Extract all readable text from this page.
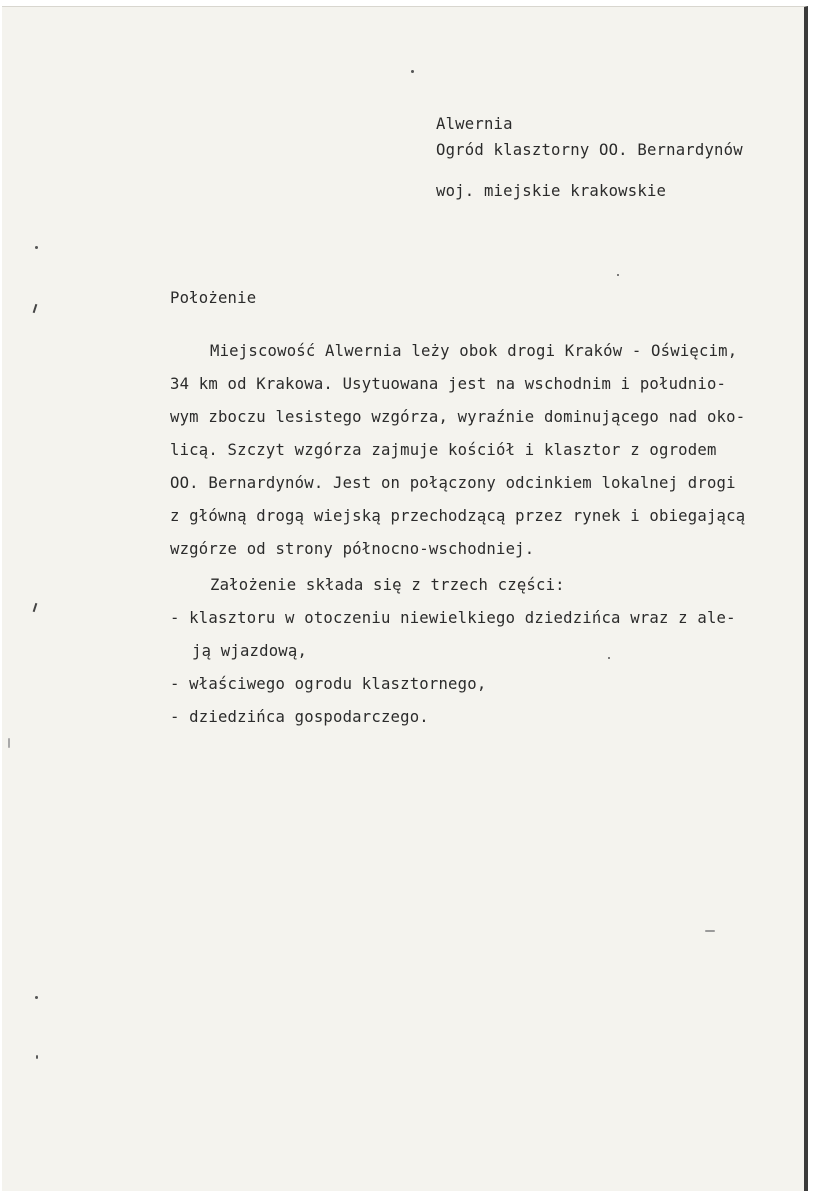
Alwernia
Ogród klasztorny OO. Bernardynów
woj. miejskie krakowskie
Położenie
Miejscowość Alwernia leży obok drogi Kraków - Oświęcim,
34 km od Krakowa. Usytuowana jest na wschodnim i południo-
wym zboczu lesistego wzgórza, wyraźnie dominującego nad oko-
licą. Szczyt wzgórza zajmuje kościół i klasztor z ogrodem
OO. Bernardynów. Jest on połączony odcinkiem lokalnej drogi
z główną drogą wiejską przechodzącą przez rynek i obiegającą
wzgórze od strony północno-wschodniej.
Założenie składa się z trzech części:
- klasztoru w otoczeniu niewielkiego dziedzińca wraz z ale-
ją wjazdową,
- właściwego ogrodu klasztornego,
- dziedzińca gospodarczego.
